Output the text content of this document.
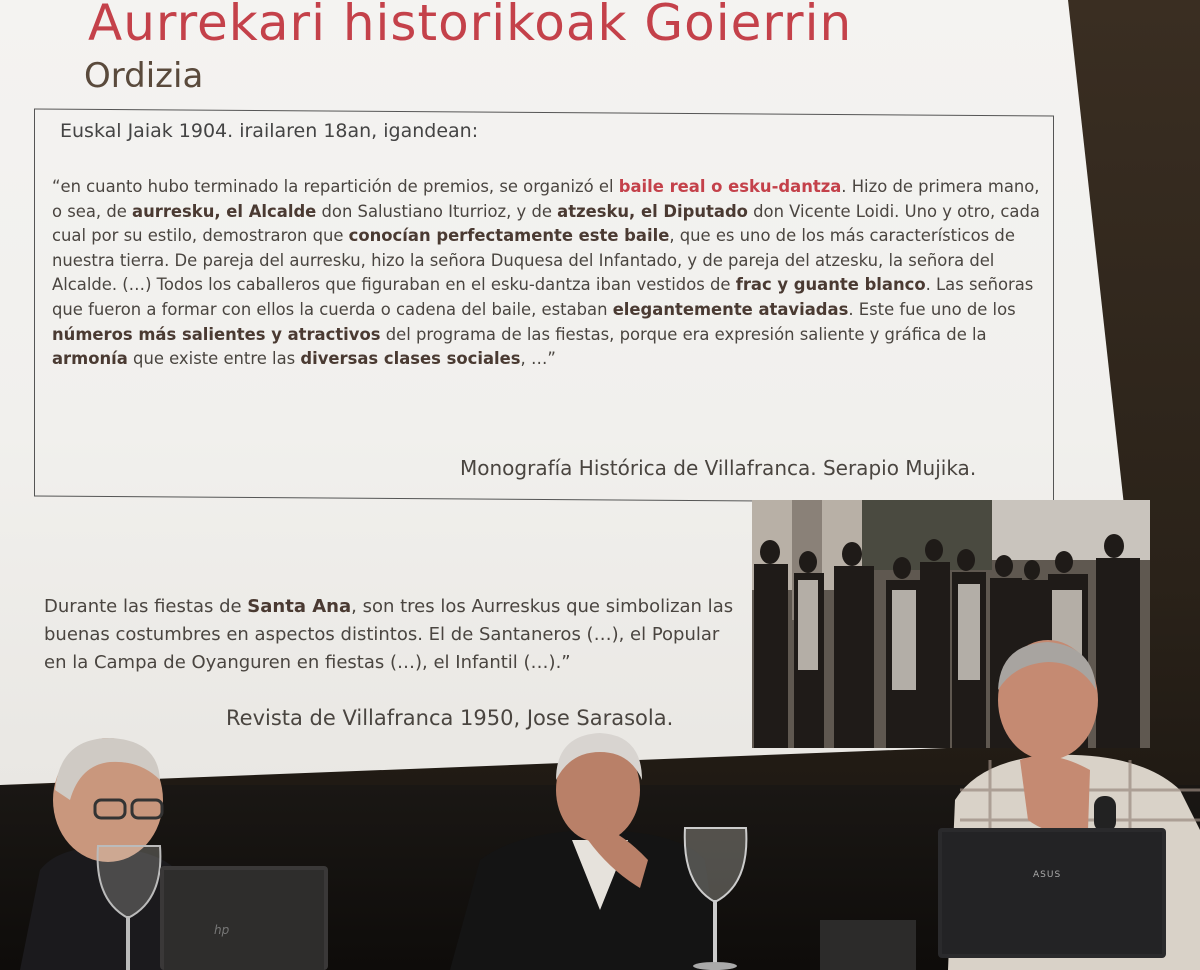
Aurrekari historikoak Goierrin
Ordizia
Euskal Jaiak 1904. irailaren 18an, igandean:
“en cuanto hubo terminado la repartición de premios, se organizó el baile real o esku-dantza. Hizo de primera mano, o sea, de aurresku, el Alcalde don Salustiano Iturrioz, y de atzesku, el Diputado don Vicente Loidi. Uno y otro, cada cual por su estilo, demostraron que conocían perfectamente este baile, que es uno de los más característicos de nuestra tierra. De pareja del aurresku, hizo la señora Duquesa del Infantado, y de pareja del atzesku, la señora del Alcalde. (…) Todos los caballeros que figuraban en el esku-dantza iban vestidos de frac y guante blanco. Las señoras que fueron a formar con ellos la cuerda o cadena del baile, estaban elegantemente ataviadas. Este fue uno de los números más salientes y atractivos del programa de las fiestas, porque era expresión saliente y gráfica de la armonía que existe entre las diversas clases sociales, …”
Monografía Histórica de Villafranca. Serapio Mujika.
Durante las fiestas de Santa Ana, son tres los Aurreskus que simbolizan las buenas costumbres en aspectos distintos. El de Santaneros (…), el Popular en la Campa de Oyanguren en fiestas (…), el Infantil (…).”
Revista de Villafranca 1950, Jose Sarasola.
hp
ASUS
